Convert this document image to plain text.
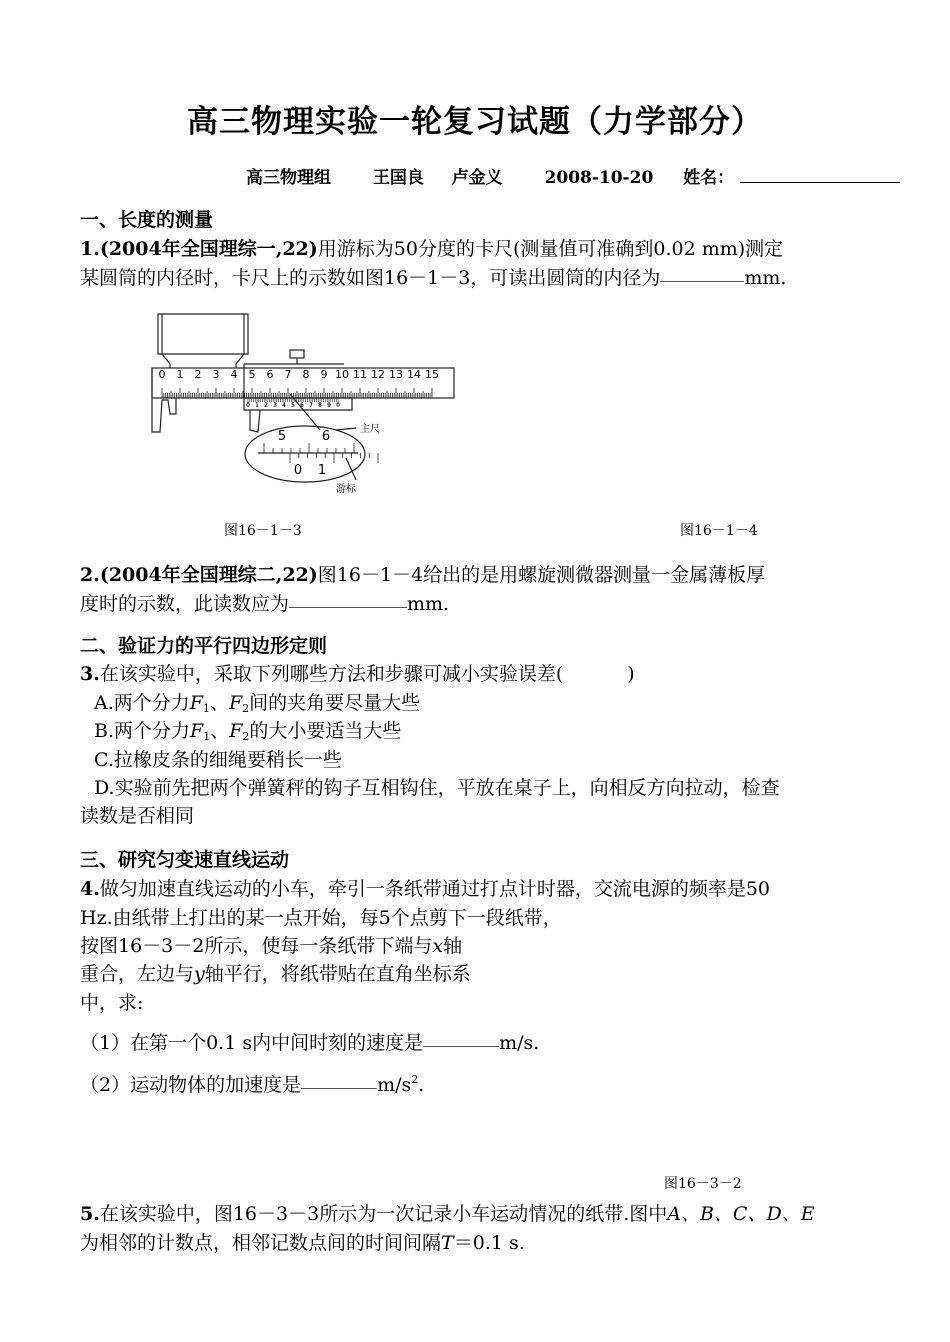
高三物理实验一轮复习试题（力学部分）
高三物理组 王国良 卢金义 2008-10-20 姓名：
一、长度的测量
1.(2004年全国理综一,22)用游标为50分度的卡尺(测量值可准确到0.02 mm)测定
某圆筒的内径时，卡尺上的示数如图16－1－3，可读出圆筒的内径为	mm.
0 1 2 3 4 5 6 7 8 9 10 11 12 13 14 15
0 1 2 3 4 5 6 7 8 9 0
5	6
0 1
主尺
游标
图16－1－3	图16－1－4
2.(2004年全国理综二,22)图16－1－4给出的是用螺旋测微器测量一金属薄板厚
度时的示数，此读数应为	mm.
二、验证力的平行四边形定则
3.在该实验中，采取下列哪些方法和步骤可减小实验误差(	)
A.两个分力$F_1$、$F_2$间的夹角要尽量大些
B.两个分力$F_1$、$F_2$的大小要适当大些
C.拉橡皮条的细绳要稍长一些
D.实验前先把两个弹簧秤的钩子互相钩住，平放在桌子上，向相反方向拉动，检查
读数是否相同
三、研究匀变速直线运动
4.做匀加速直线运动的小车，牵引一条纸带通过打点计时器，交流电源的频率是50
Hz.由纸带上打出的某一点开始，每5个点剪下一段纸带，
按图16－3－2所示，使每一条纸带下端与x轴
重合，左边与y轴平行，将纸带贴在直角坐标系
中，求:
（1）在第一个0.1 s内中间时刻的速度是	m/s.
（2）运动物体的加速度是	$m/s^2$.
图16－3－2
5.在该实验中，图16－3－3所示为一次记录小车运动情况的纸带.图中A、B、C、D、E
为相邻的计数点，相邻记数点间的时间间隔T＝0.1 s.
